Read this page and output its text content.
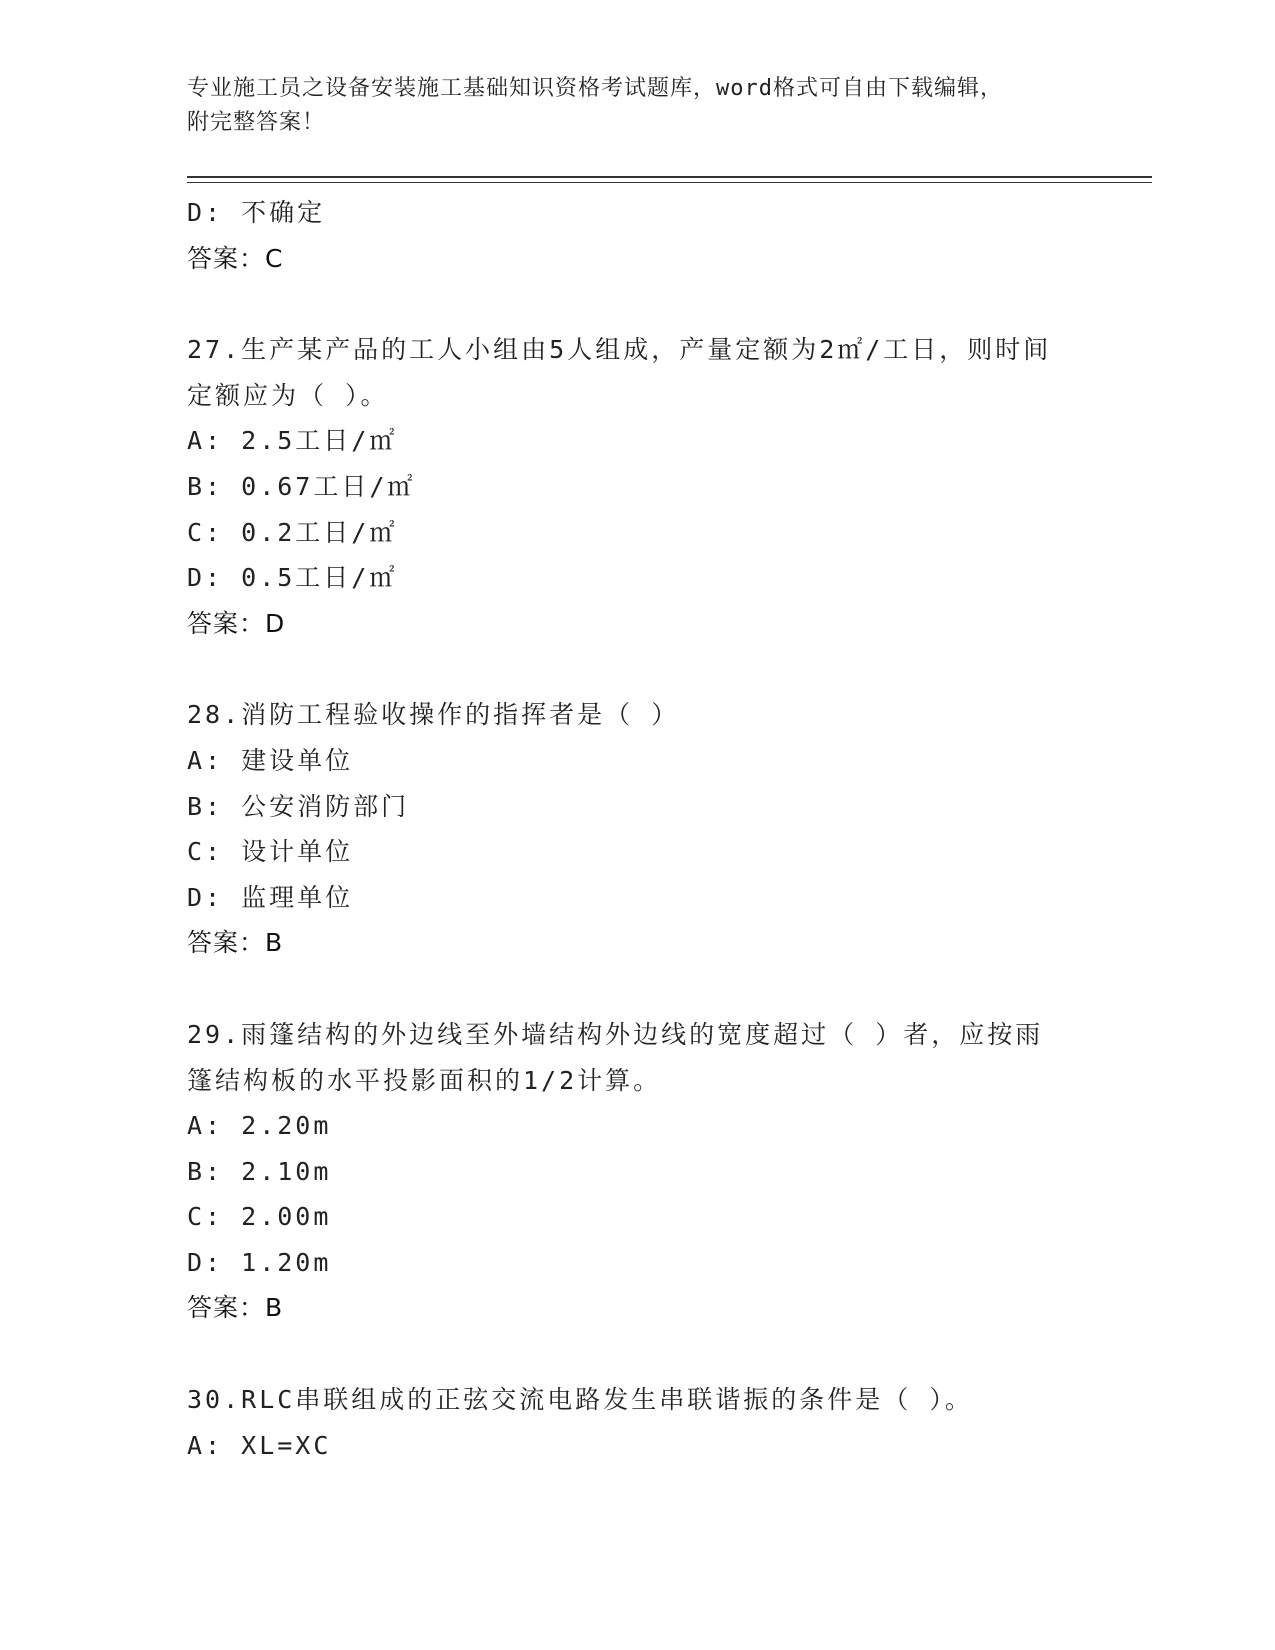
专业施工员之设备安装施工基础知识资格考试题库，word格式可自由下载编辑，
附完整答案！
D: 不确定
答案：C
27.生产某产品的工人小组由5人组成，产量定额为2㎡/工日，则时间
定额应为（ ）。
A: 2.5工日/㎡
B: 0.67工日/㎡
C: 0.2工日/㎡
D: 0.5工日/㎡
答案：D
28.消防工程验收操作的指挥者是（ ）
A: 建设单位
B: 公安消防部门
C: 设计单位
D: 监理单位
答案：B
29.雨篷结构的外边线至外墙结构外边线的宽度超过（ ）者，应按雨
篷结构板的水平投影面积的1/2计算。
A: 2.20m
B: 2.10m
C: 2.00m
D: 1.20m
答案：B
30.RLC串联组成的正弦交流电路发生串联谐振的条件是（ ）。
A: XL=XC
